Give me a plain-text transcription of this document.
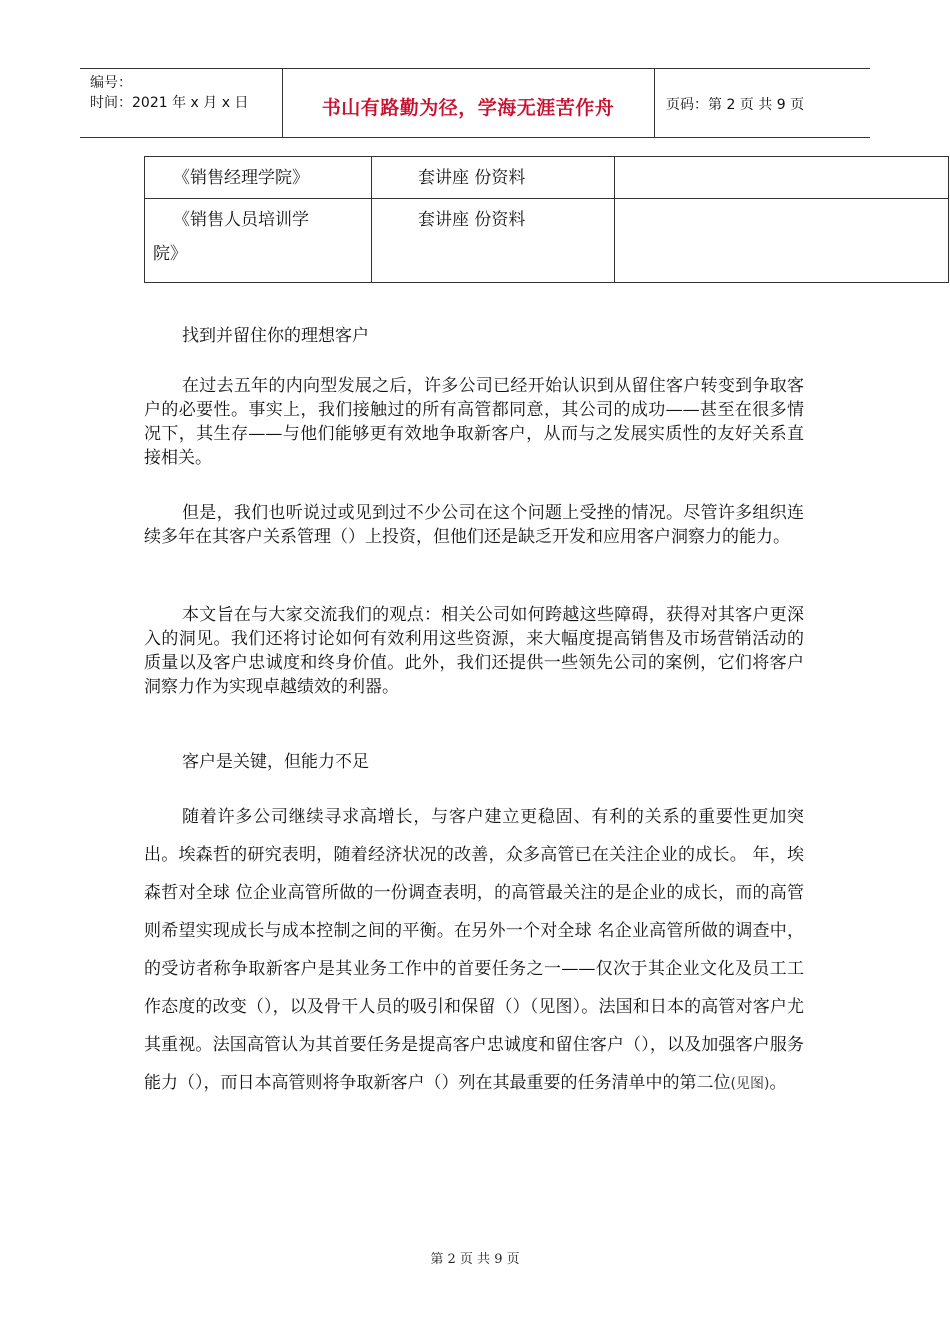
编号：
时间：2021 年 x 月 x 日	书山有路勤为径，学海无涯苦作舟	页码：第 2 页 共 9 页
《销售经理学院》	套讲座 份资料	

《销售人员培训学
院》	套讲座 份资料	

找到并留住你的理想客户

在过去五年的内向型发展之后，许多公司已经开始认识到从留住客户转变到争取客户的必要性。事实上，我们接触过的所有高管都同意，其公司的成功——甚至在很多情况下，其生存——与他们能够更有效地争取新客户，从而与之发展实质性的友好关系直接相关。

但是，我们也听说过或见到过不少公司在这个问题上受挫的情况。尽管许多组织连续多年在其客户关系管理（）上投资，但他们还是缺乏开发和应用客户洞察力的能力。

本文旨在与大家交流我们的观点：相关公司如何跨越这些障碍，获得对其客户更深入的洞见。我们还将讨论如何有效利用这些资源，来大幅度提高销售及市场营销活动的质量以及客户忠诚度和终身价值。此外，我们还提供一些领先公司的案例，它们将客户洞察力作为实现卓越绩效的利器。

客户是关键，但能力不足

随着许多公司继续寻求高增长，与客户建立更稳固、有利的关系的重要性更加突出。埃森哲的研究表明，随着经济状况的改善，众多高管已在关注企业的成长。 年，埃森哲对全球 位企业高管所做的一份调查表明，的高管最关注的是企业的成长，而的高管则希望实现成长与成本控制之间的平衡。在另外一个对全球 名企业高管所做的调查中，的受访者称争取新客户是其业务工作中的首要任务之一——仅次于其企业文化及员工工作态度的改变（），以及骨干人员的吸引和保留（）（见图）。法国和日本的高管对客户尤其重视。法国高管认为其首要任务是提高客户忠诚度和留住客户（），以及加强客户服务能力（），而日本高管则将争取新客户（）列在其最重要的任务清单中的第二位(见图)。

第 2 页 共 9 页
